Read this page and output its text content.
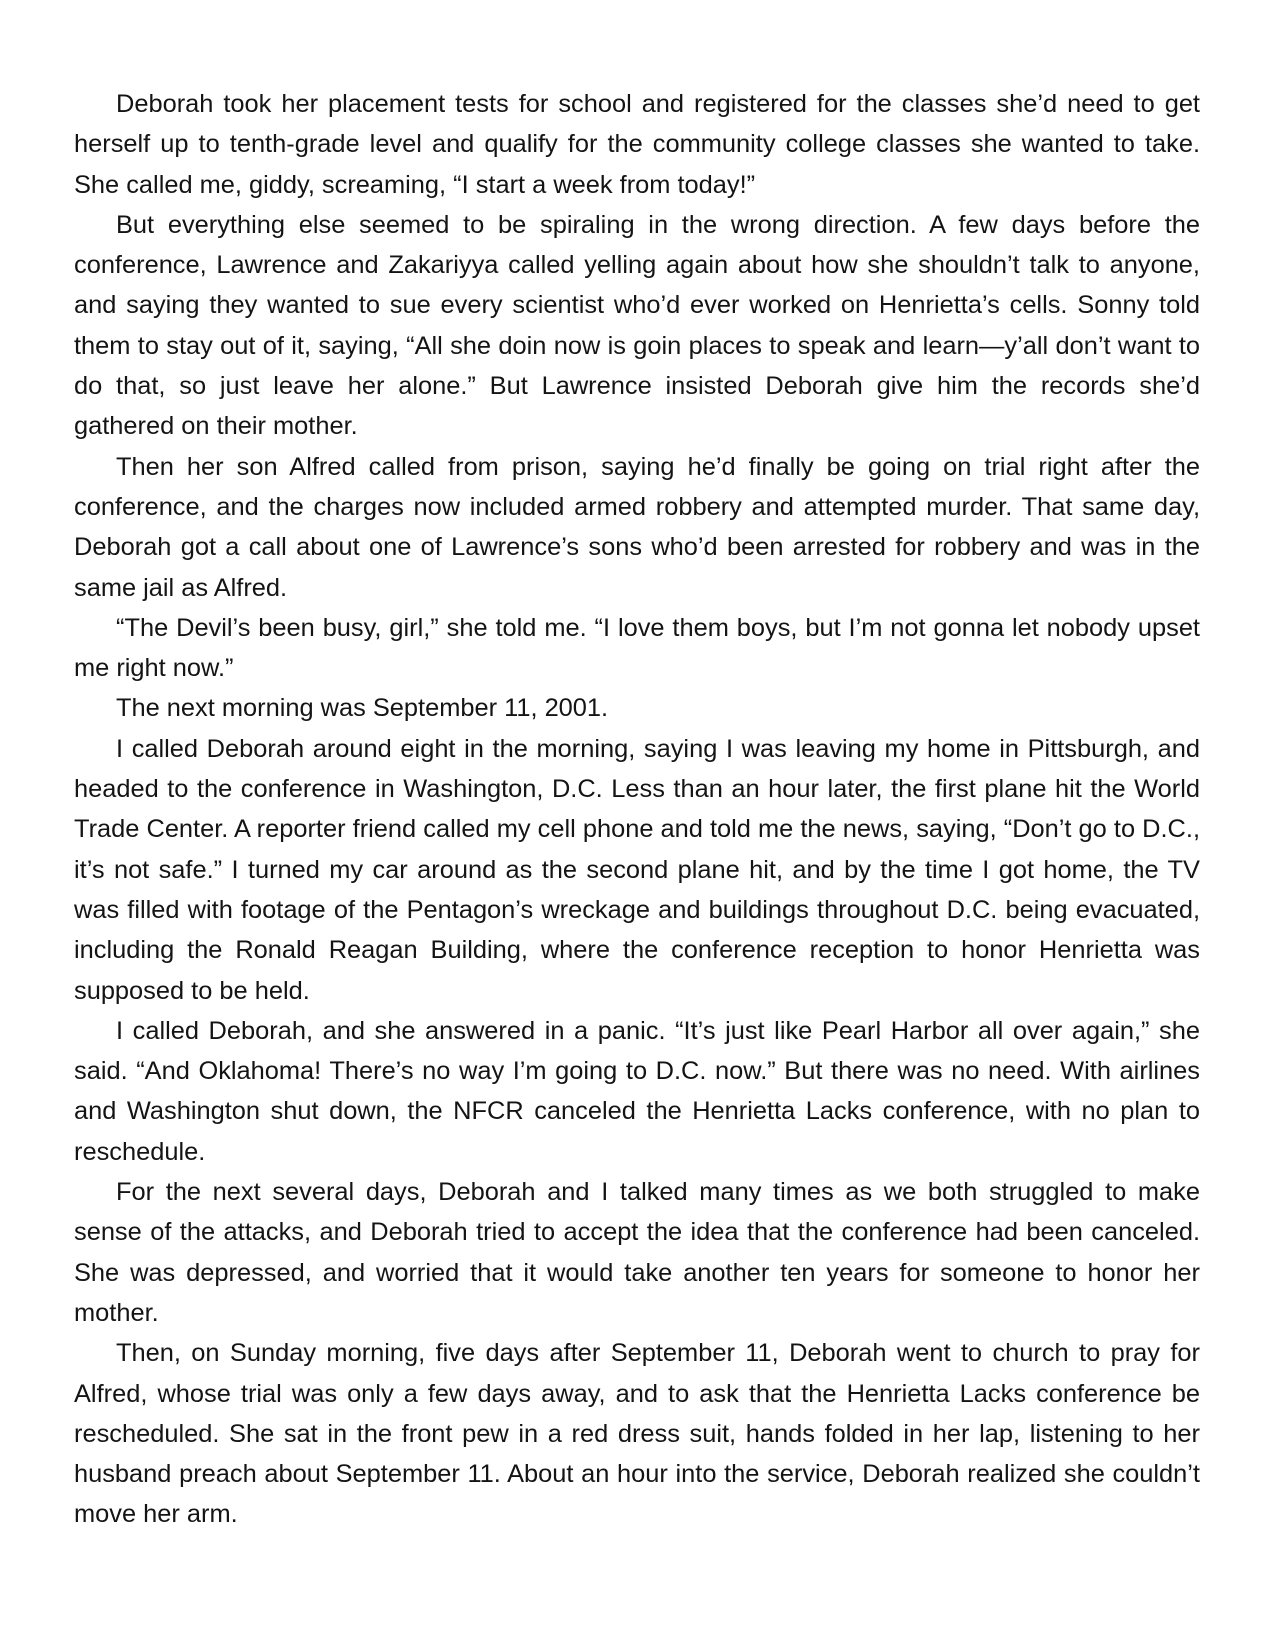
Deborah took her placement tests for school and registered for the classes she’d need to get herself up to tenth-grade level and qualify for the community college classes she wanted to take. She called me, giddy, screaming, “I start a week from today!”

But everything else seemed to be spiraling in the wrong direction. A few days before the conference, Lawrence and Zakariyya called yelling again about how she shouldn’t talk to anyone, and saying they wanted to sue every scientist who’d ever worked on Henrietta’s cells. Sonny told them to stay out of it, saying, “All she doin now is goin places to speak and learn—y’all don’t want to do that, so just leave her alone.” But Lawrence insisted Deborah give him the records she’d gathered on their mother.

Then her son Alfred called from prison, saying he’d finally be going on trial right after the conference, and the charges now included armed robbery and attempted murder. That same day, Deborah got a call about one of Lawrence’s sons who’d been arrested for robbery and was in the same jail as Alfred.

“The Devil’s been busy, girl,” she told me. “I love them boys, but I’m not gonna let nobody upset me right now.”

The next morning was September 11, 2001.

I called Deborah around eight in the morning, saying I was leaving my home in Pittsburgh, and headed to the conference in Washington, D.C. Less than an hour later, the first plane hit the World Trade Center. A reporter friend called my cell phone and told me the news, saying, “Don’t go to D.C., it’s not safe.” I turned my car around as the second plane hit, and by the time I got home, the TV was filled with footage of the Pentagon’s wreckage and buildings throughout D.C. being evacuated, including the Ronald Reagan Building, where the conference reception to honor Henrietta was supposed to be held.

I called Deborah, and she answered in a panic. “It’s just like Pearl Harbor all over again,” she said. “And Oklahoma! There’s no way I’m going to D.C. now.” But there was no need. With airlines and Washington shut down, the NFCR canceled the Henrietta Lacks conference, with no plan to reschedule.

For the next several days, Deborah and I talked many times as we both struggled to make sense of the attacks, and Deborah tried to accept the idea that the conference had been canceled. She was depressed, and worried that it would take another ten years for someone to honor her mother.

Then, on Sunday morning, five days after September 11, Deborah went to church to pray for Alfred, whose trial was only a few days away, and to ask that the Henrietta Lacks conference be rescheduled. She sat in the front pew in a red dress suit, hands folded in her lap, listening to her husband preach about September 11. About an hour into the service, Deborah realized she couldn’t move her arm.
